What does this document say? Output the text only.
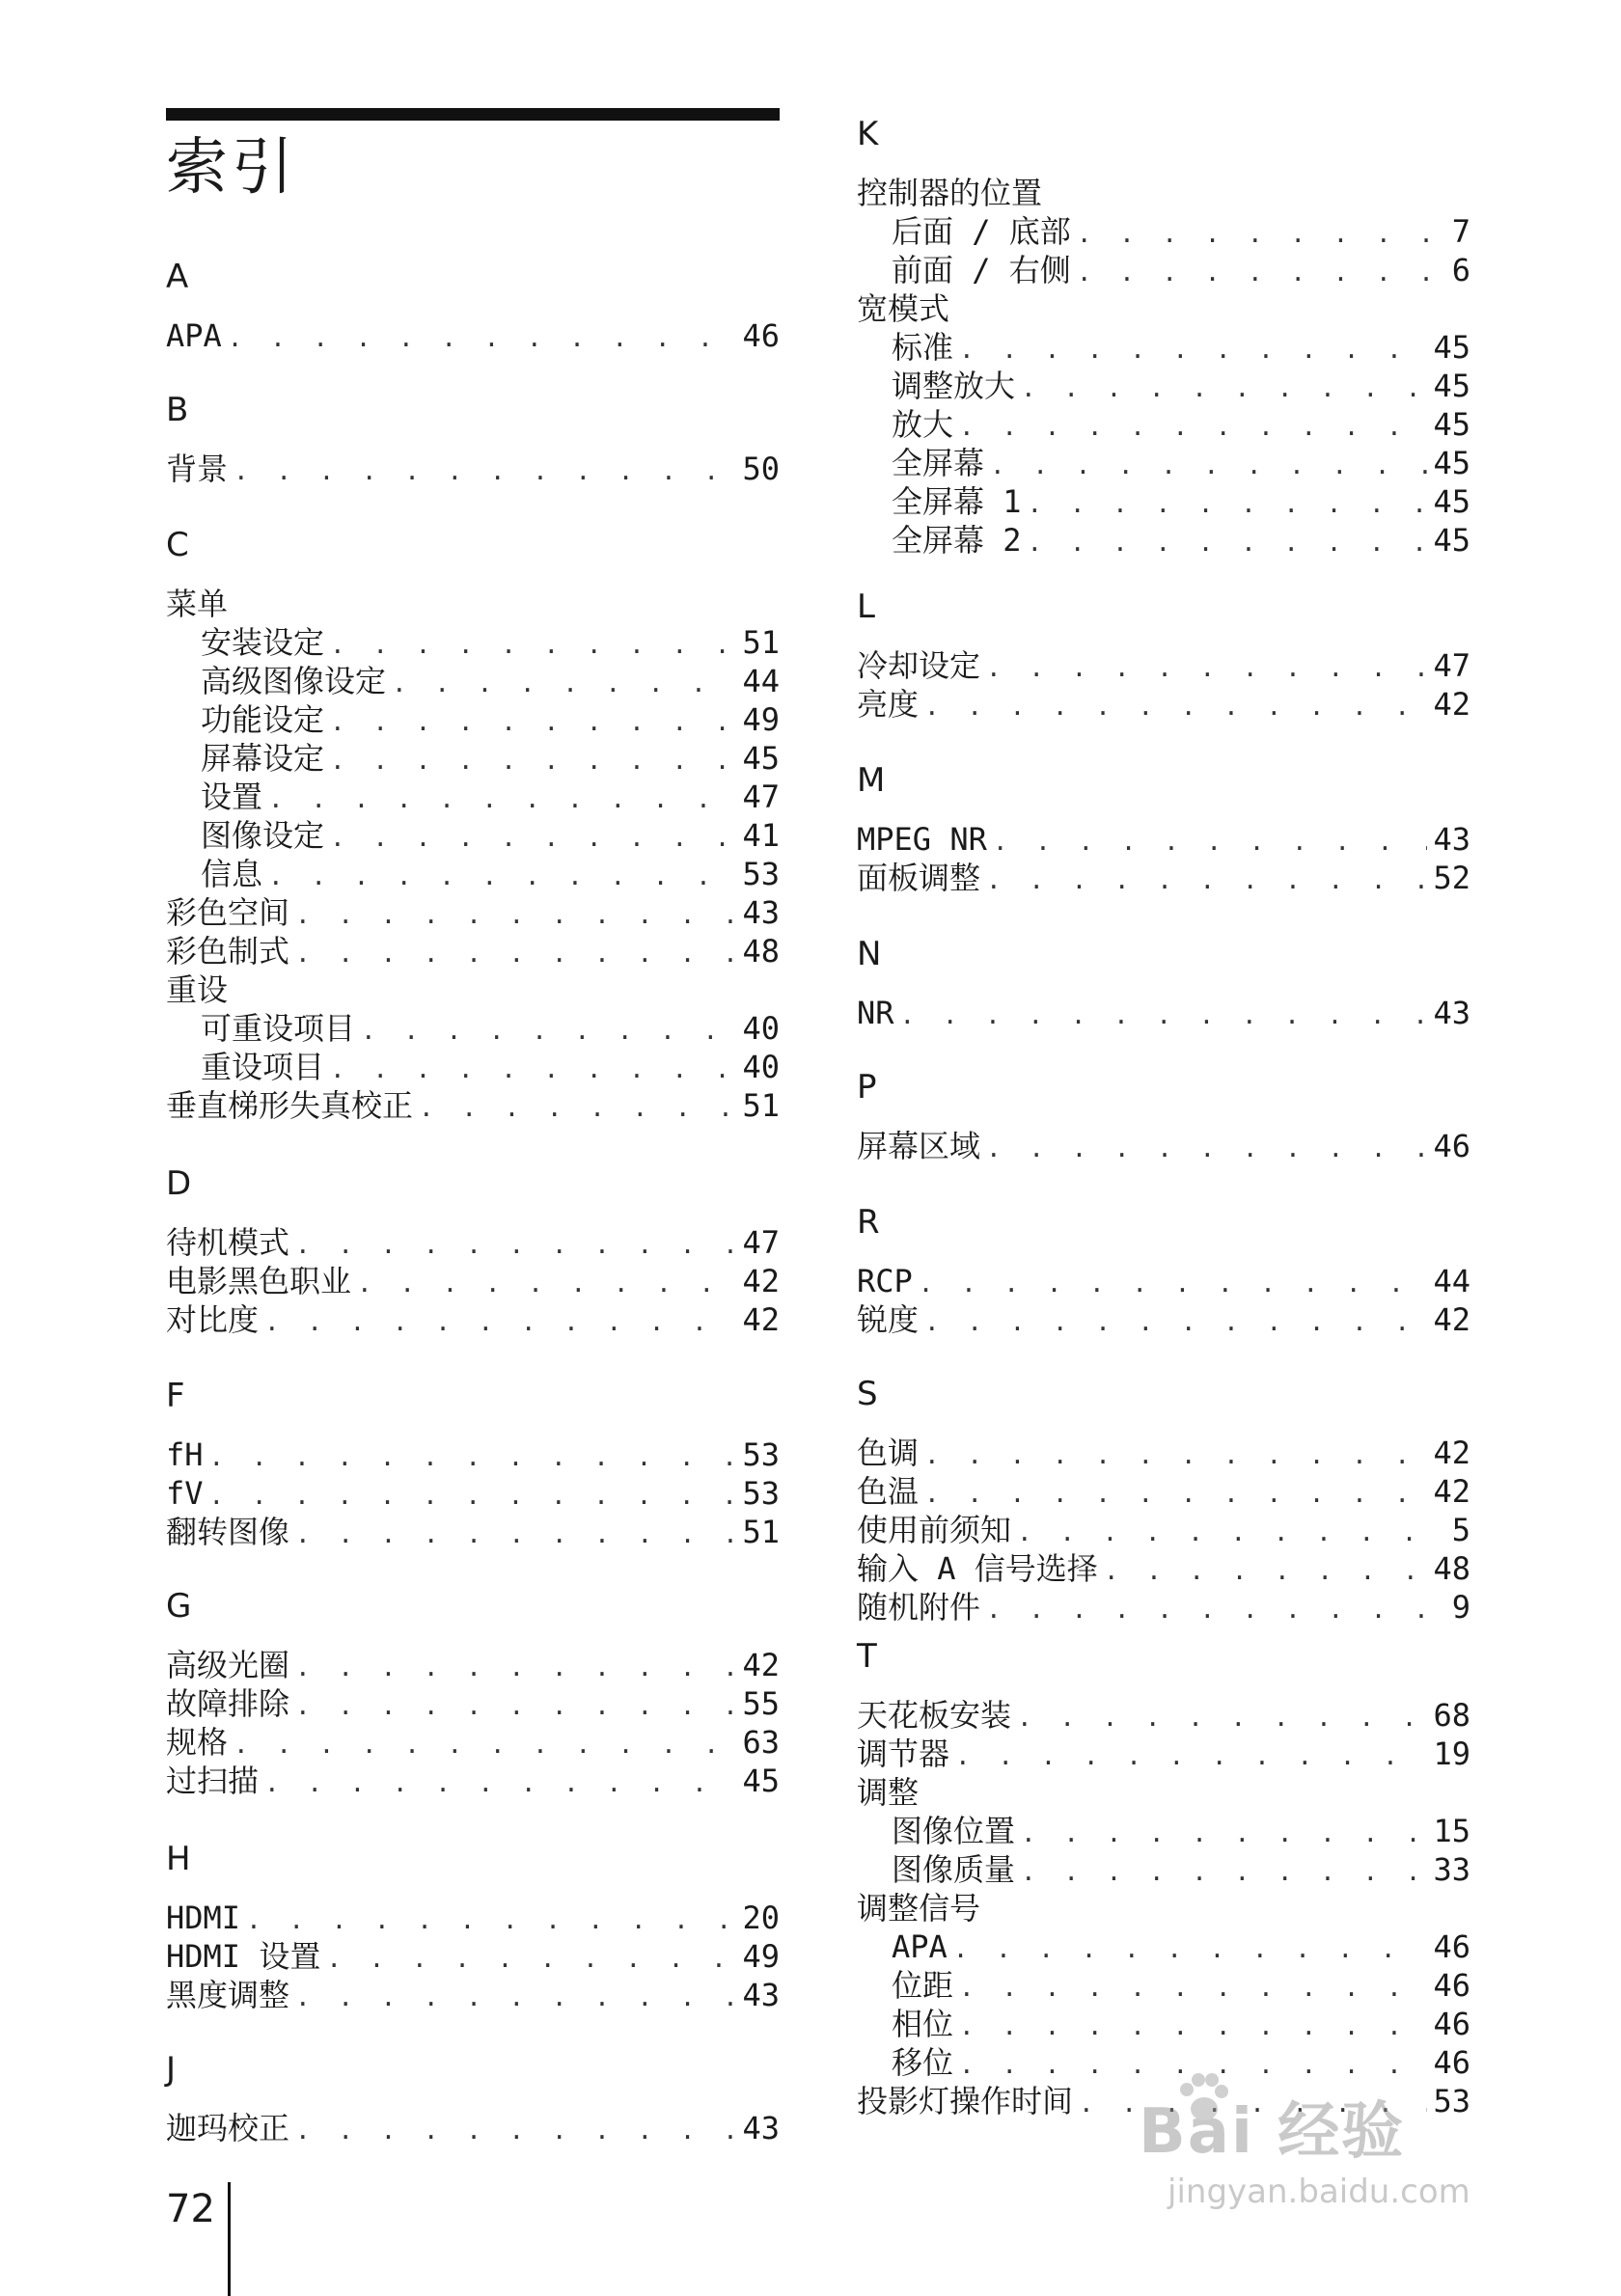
索引
A
APA . . .	46
B
背景 . . .	50
C
菜单
安装设定 . . .	51
高级图像设定 . . .	44
功能设定 . . .	49
屏幕设定 . . .	45
设置 . . .	47
图像设定 . . .	41
信息 . . .	53
彩色空间 . . .	43
彩色制式 . . .	48
重设
可重设项目 . . .	40
重设项目 . . .	40
垂直梯形失真校正 . . .	51
D
待机模式 . . .	47
电影黑色职业 . . .	42
对比度 . . .	42
F
fH . . .	53
fV . . .	53
翻转图像 . . .	51
G
高级光圈 . . .	42
故障排除 . . .	55
规格 . . .	63
过扫描 . . .	45
H
HDMI . . .	20
HDMI 设置 . . .	49
黑度调整 . . .	43
J
迦玛校正 . . .	43
K
控制器的位置
后面 / 底部 . . .	7
前面 / 右侧 . . .	6
宽模式
标准 . . .	45
调整放大 . . .	45
放大 . . .	45
全屏幕 . . .	45
全屏幕 1 . . .	45
全屏幕 2 . . .	45
L
冷却设定 . . .	47
亮度 . . .	42
M
MPEG NR . . .	43
面板调整 . . .	52
N
NR . . .	43
P
屏幕区域 . . .	46
R
RCP . . .	44
锐度 . . .	42
S
色调 . . .	42
色温 . . .	42
使用前须知 . . .	5
输入 A 信号选择 . . .	48
随机附件 . . .	9
T
天花板安装 . . .	68
调节器 . . .	19
调整
图像位置 . . .	15
图像质量 . . .	33
调整信号
APA . . .	46
位距 . . .	46
相位 . . .	46
移位 . . .	46
投影灯操作时间 . . .	53
72
Bai 经验
jingyan.baidu.com
